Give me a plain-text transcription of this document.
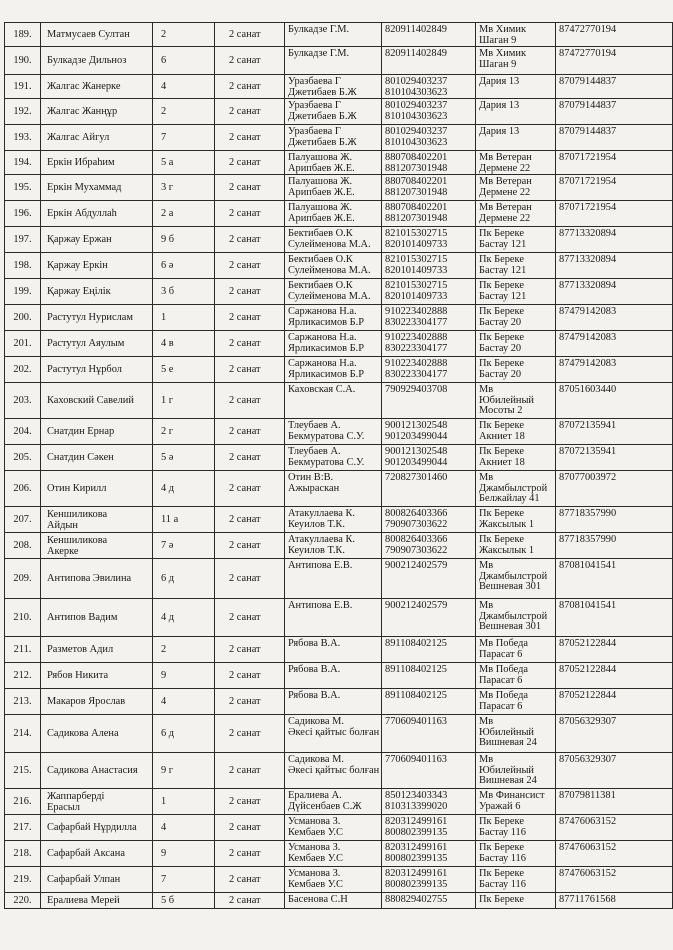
189.	Матмусаев Султан	2	2 санат	Булкадзе Г.М.	820911402849	Мв Химик
Шаган 9	87472770194
190.	Булкадзе Дильноз	6	2 санат	Булкадзе Г.М.	820911402849	Мв Химик
Шаган 9	87472770194
191.	Жалгас Жанерке	4	2 санат	Уразбаева Г
Джетибаев Б.Ж	801029403237
810104303623	Дария 13	87079144837
192.	Жалгас Жанңұр	2	2 санат	Уразбаева Г
Джетибаев Б.Ж	801029403237
810104303623	Дария 13	87079144837
193.	Жалгас Айгул	7	2 санат	Уразбаева Г
Джетибаев Б.Ж	801029403237
810104303623	Дария 13	87079144837
194.	Еркін Ибраһим	5 а	2 санат	Палуашова Ж.
Арипбаев Ж.Е.	880708402201
881207301948	Мв Ветеран
Дермене 22	87071721954
195.	Еркін Мухаммад	3 г	2 санат	Палуашова Ж.
Арипбаев Ж.Е.	880708402201
881207301948	Мв Ветеран
Дермене 22	87071721954
196.	Еркін Абдуллаһ	2 а	2 санат	Палуашова Ж.
Арипбаев Ж.Е.	880708402201
881207301948	Мв Ветеран
Дермене 22	87071721954
197.	Қаржау Ержан	9 б	2 санат	Бектибаев О.К
Сулейменова М.А.	821015302715
820101409733	Пк Береке
Бастау 121	87713320894
198.	Қаржау Еркін	6 ә	2 санат	Бектибаев О.К
Сулейменова М.А.	821015302715
820101409733	Пк Береке
Бастау 121	87713320894
199.	Қаржау Еңілік	3 б	2 санат	Бектибаев О.К
Сулейменова М.А.	821015302715
820101409733	Пк Береке
Бастау 121	87713320894
200.	Растутул Нурислам	1	2 санат	Саржанова Н.а.
Ярликасимов Б.Р	910223402888
830223304177	Пк Береке
Бастау 20	87479142083
201.	Растутул Аяулым	4 в	2 санат	Саржанова Н.а.
Ярликасимов Б.Р	910223402888
830223304177	Пк Береке
Бастау 20	87479142083
202.	Растутул Нұрбол	5 е	2 санат	Саржанова Н.а.
Ярликасимов Б.Р	910223402888
830223304177	Пк Береке
Бастау 20	87479142083
203.	Каховский Савелий	1 г	2 санат	Каховская С.А.	790929403708	Мв
Юбилейный
Мосоты 2	87051603440
204.	Снатдин Ернар	2 г	2 санат	Тлеубаев А.
Бекмуратова С.У.	900121302548
901203499044	Пк Береке
Акниет 18	87072135941
205.	Снатдин Сәкен	5 ә	2 санат	Тлеубаев А.
Бекмуратова С.У.	900121302548
901203499044	Пк Береке
Акниет 18	87072135941
206.	Отин Кирилл	4 д	2 санат	Отин В:В.
Ажыраскан	720827301460	Мв
Джамбылстрой
Белжайлау 41	87077003972
207.	Кеншиликова
Айдын	11 а	2 санат	Атакуллаева К.
Кеуилов Т.К.	800826403366
790907303622	Пк Береке
Жаксылык 1	87718357990
208.	Кеншиликова
Акерке	7 ә	2 санат	Атакуллаева К.
Кеуилов Т.К.	800826403366
790907303622	Пк Береке
Жаксылык 1	87718357990
209.	Антипова Эвилина	6 д	2 санат	Антипова Е.В.	900212402579	Мв
Джамбылстрой
Вешневая 301	87081041541
210.	Антипов Вадим	4 д	2 санат	Антипова Е.В.	900212402579	Мв
Джамбылстрой
Вешневая 301	87081041541
211.	Разметов Адил	2	2 санат	Рябова В.А.	891108402125	Мв Победа
Парасат 6	87052122844
212.	Рябов Никита	9	2 санат	Рябова В.А.	891108402125	Мв Победа
Парасат 6	87052122844
213.	Макаров Ярослав	4	2 санат	Рябова В.А.	891108402125	Мв Победа
Парасат 6	87052122844
214.	Садикова Алена	6 д	2 санат	Садикова М.
Әкесі қайтыс болған	770609401163	Мв
Юбилейный
Вишневая 24	87056329307
215.	Садикова Анастасия	9 г	2 санат	Садикова М.
Әкесі қайтыс болған	770609401163	Мв
Юбилейный
Вишневая 24	87056329307
216.	Жаппарберді
Ерасыл	1	2 санат	Ералиева А.
Дүйсенбаев С.Ж	850123403343
810313399020	Мв Финансист
Уражай 6	87079811381
217.	Сафарбай Нұрдилла	4	2 санат	Усманова З.
Кембаев У.С	820312499161
800802399135	Пк Береке
Бастау 116	87476063152
218.	Сафарбай Аксана	9	2 санат	Усманова З.
Кембаев У.С	820312499161
800802399135	Пк Береке
Бастау 116	87476063152
219.	Сафарбай Улпан	7	2 санат	Усманова З.
Кембаев У.С	820312499161
800802399135	Пк Береке
Бастау 116	87476063152
220.	Ералиева Мерей	5 б	2 санат	Басенова С.Н	880829402755	Пк Береке	87711761568
